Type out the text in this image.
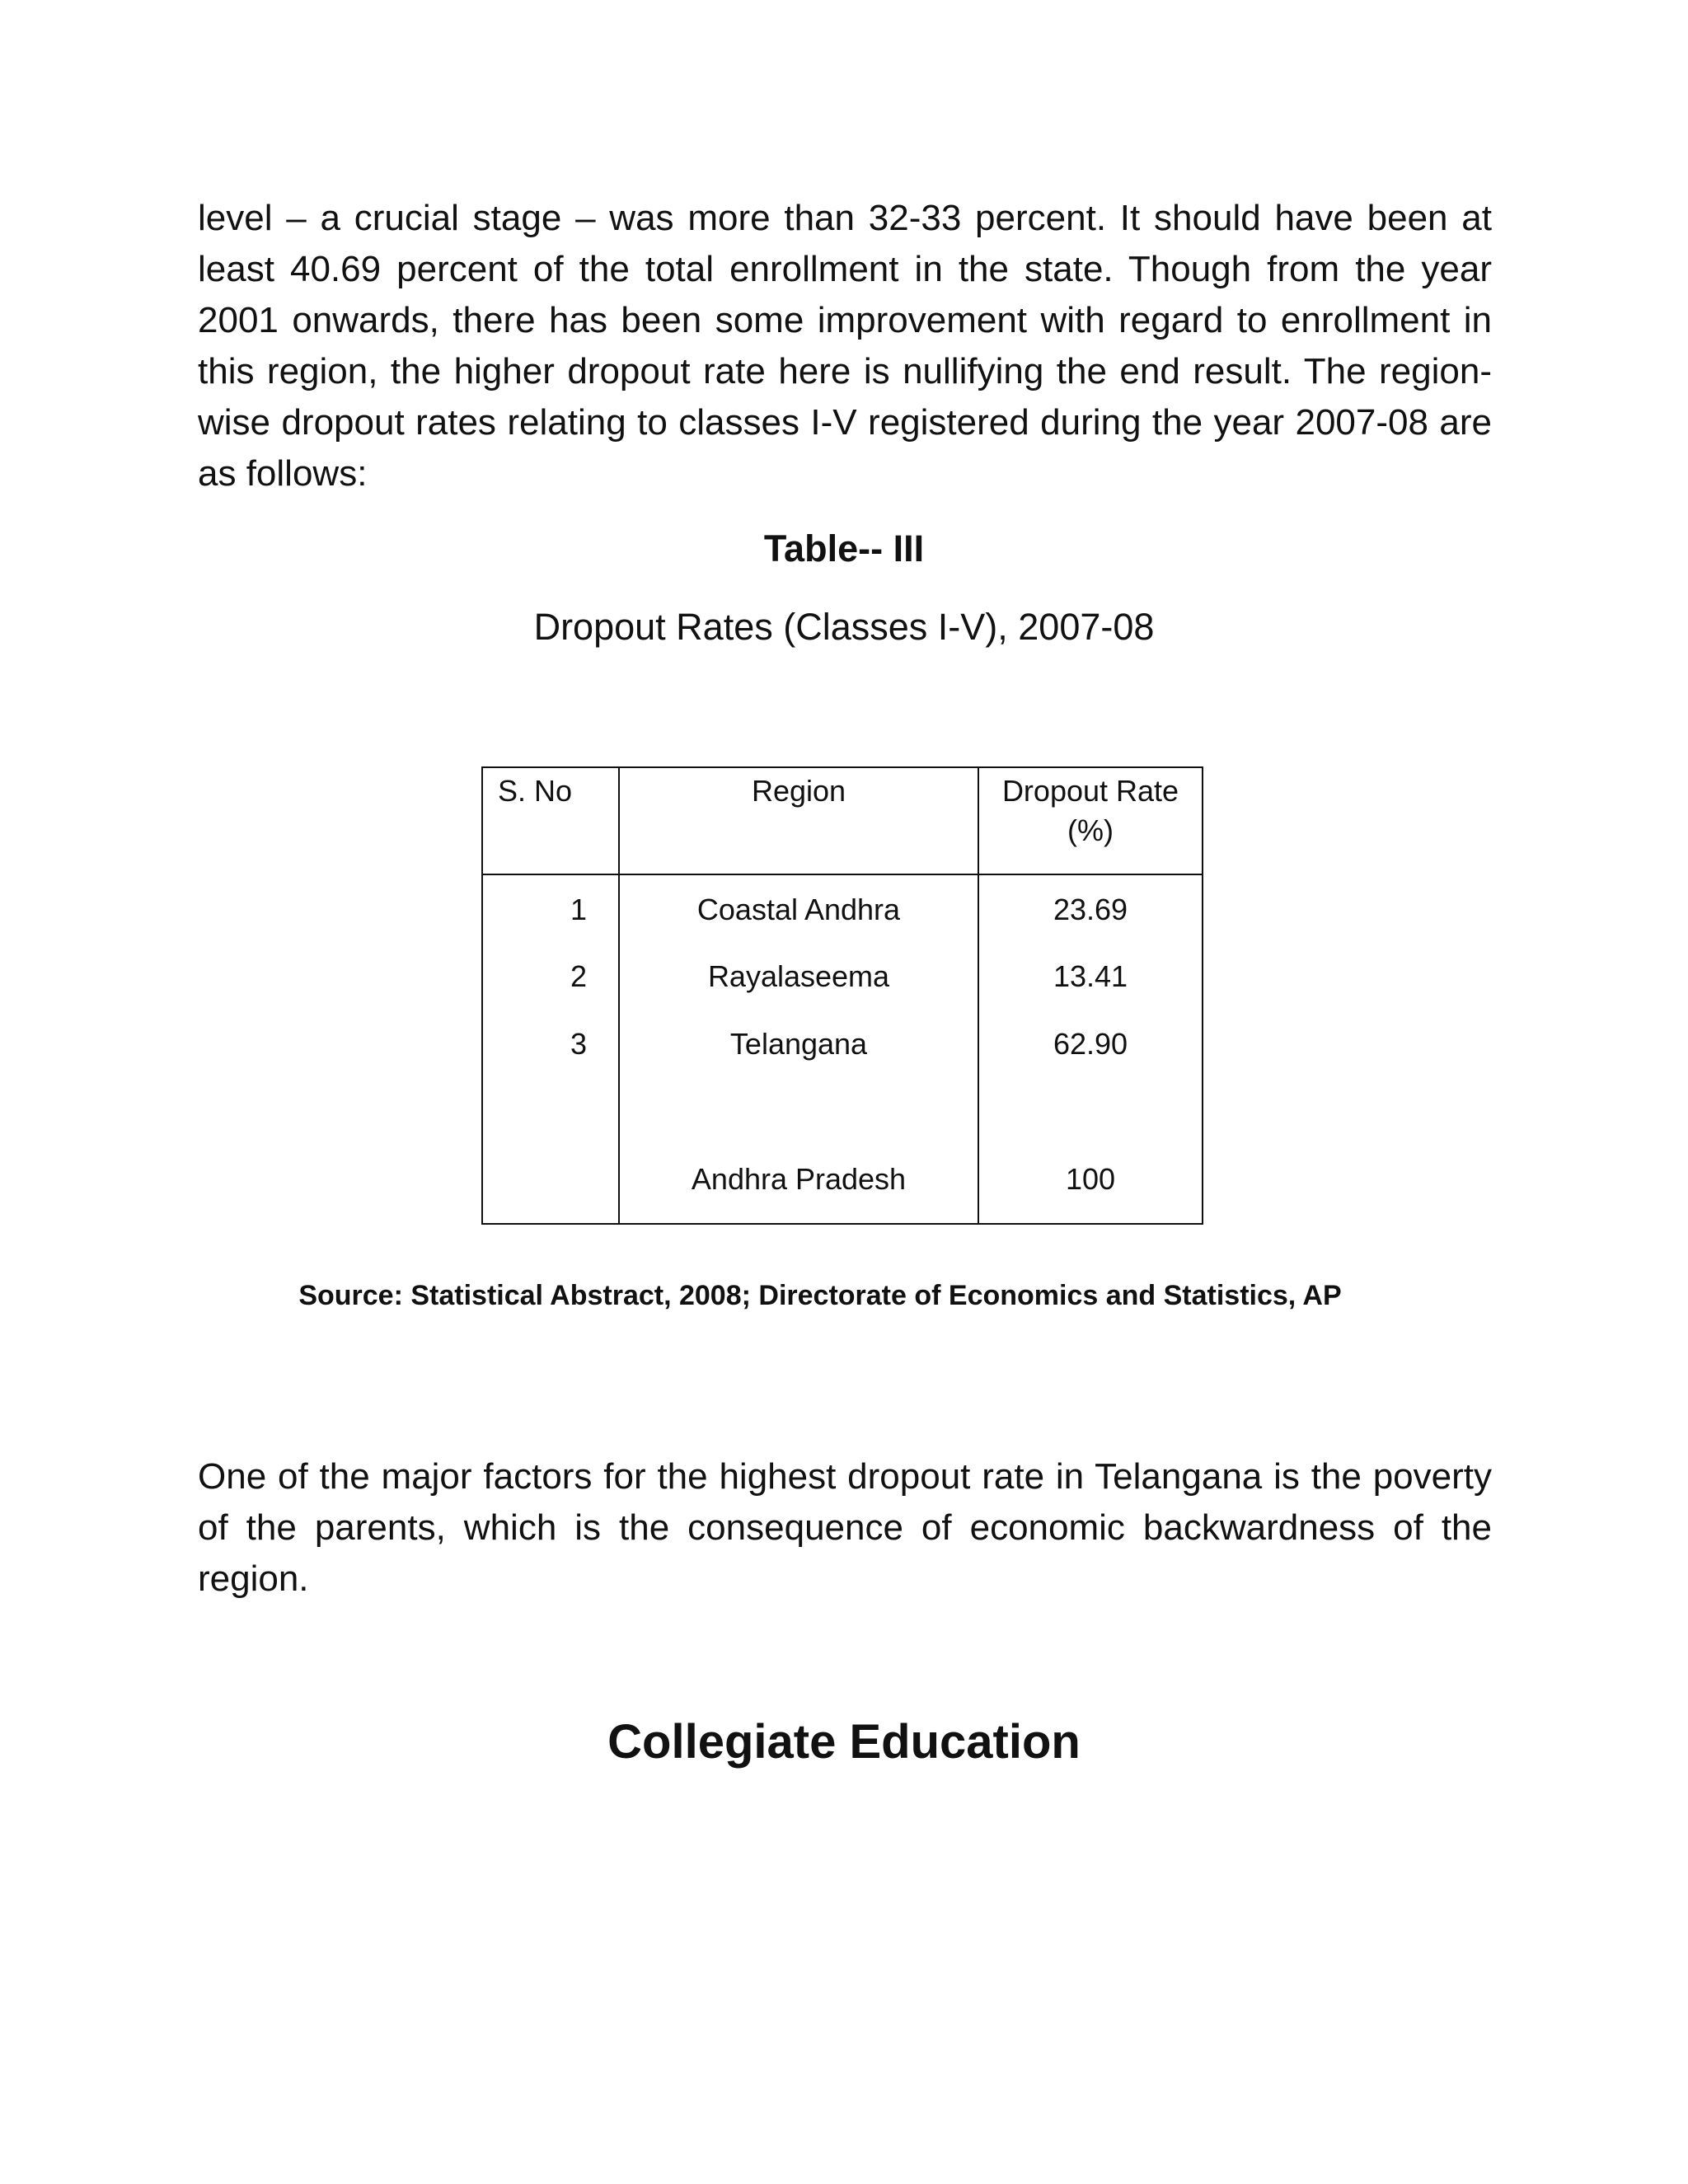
level – a crucial stage – was more than 32-33 percent. It should have been at least 40.69 percent of the total enrollment in the state. Though from the year 2001 onwards, there has been some improvement with regard to enrollment in this region, the higher dropout rate here is nullifying the end result. The region-wise dropout rates relating to classes I-V registered during the year 2007-08 are as follows:

Table-- III
Dropout Rates (Classes I-V), 2007-08
S. No	Region	Dropout Rate (%)
1	Coastal Andhra	23.69
2	Rayalaseema	13.41
3	Telangana	62.90

	Andhra Pradesh	100
Source: Statistical Abstract, 2008; Directorate of Economics and Statistics, AP

One of the major factors for the highest dropout rate in Telangana is the poverty of the parents, which is the consequence of economic backwardness of the region.

Collegiate Education
